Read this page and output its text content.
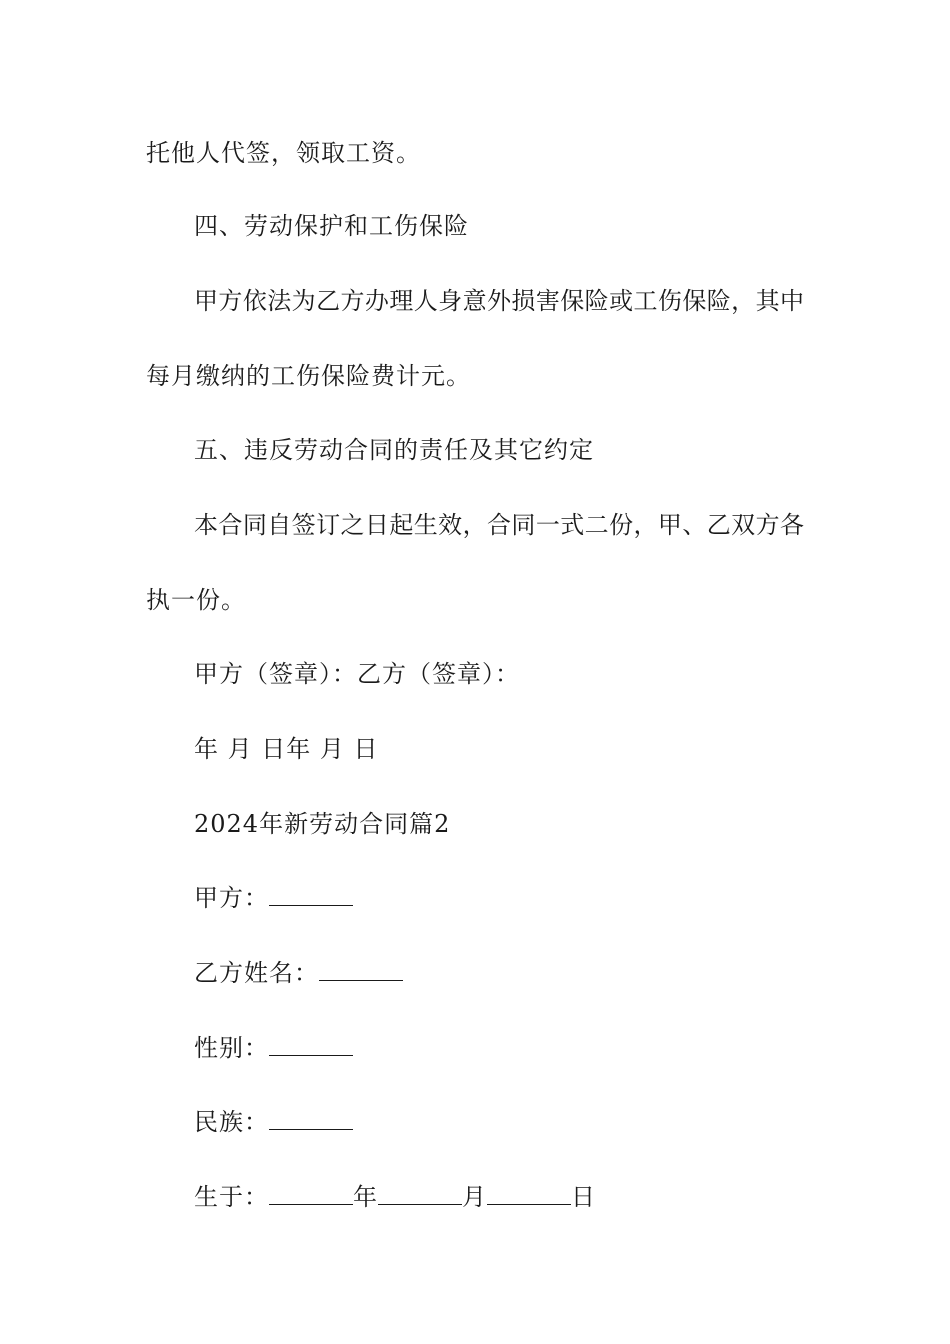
托他人代签，领取工资。
四、劳动保护和工伤保险
甲方依法为乙方办理人身意外损害保险或工伤保险，其中
每月缴纳的工伤保险费计元。
五、违反劳动合同的责任及其它约定
本合同自签订之日起生效，合同一式二份，甲、乙双方各
执一份。
甲方（签章）：乙方（签章）：
年 月 日年 月 日
2024年新劳动合同篇2
甲方：
乙方姓名：
性别：
民族：
生于：	年	月	日
